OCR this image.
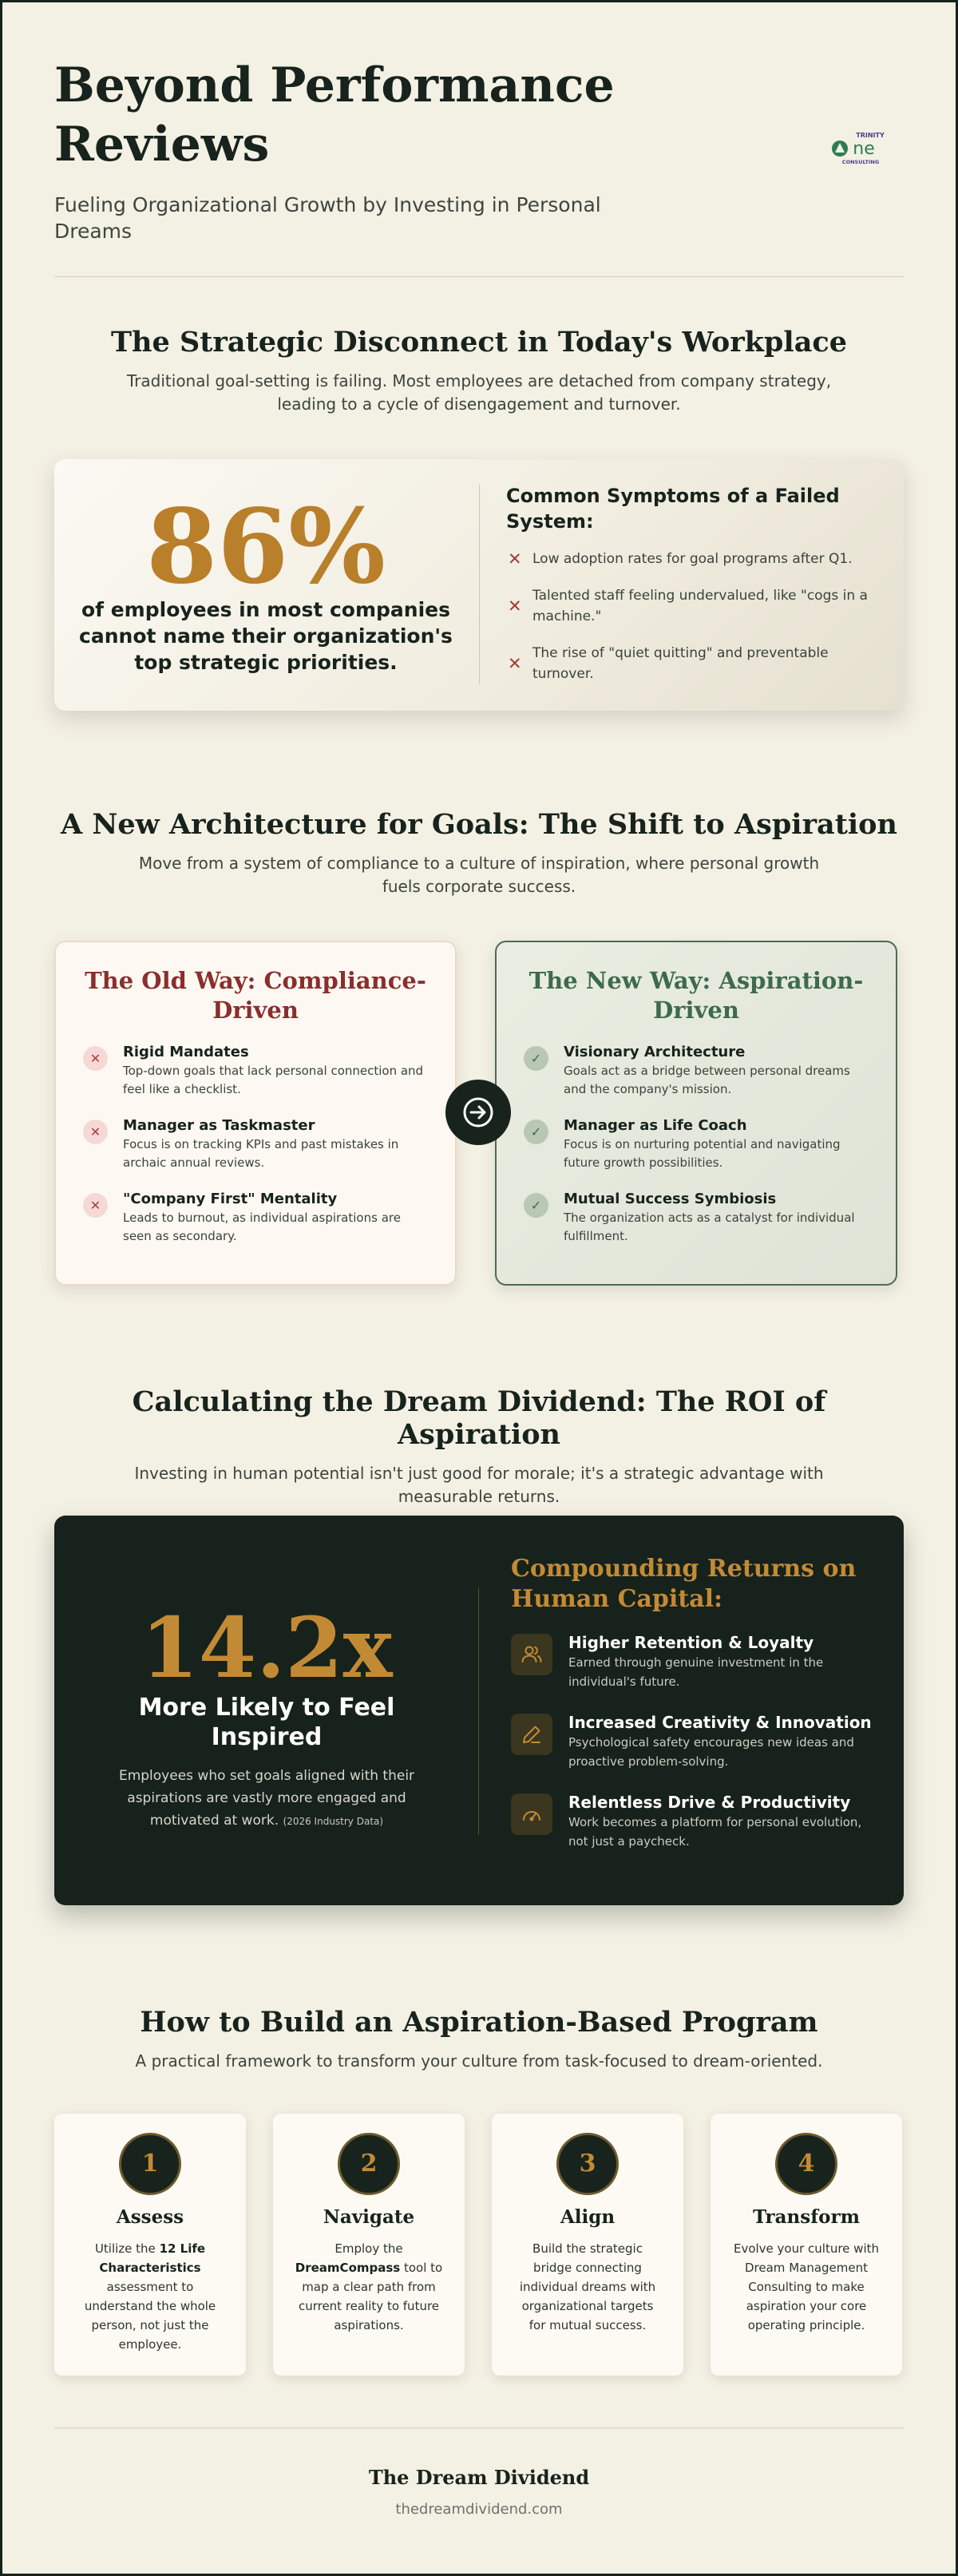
Beyond Performance Reviews

Fueling Organizational Growth by Investing in Personal Dreams

TRINITY
ne
CONSULTING
The Strategic Disconnect in Today's Workplace

Traditional goal-setting is failing. Most employees are detached from company strategy, leading to a cycle of disengagement and turnover.

86%
of employees in most companies cannot name their organization's top strategic priorities.
Common Symptoms of a Failed System:
✕ Low adoption rates for goal programs after Q1.
✕
Talented staff feeling undervalued, like "cogs in a machine."
✕
The rise of "quiet quitting" and preventable turnover.
A New Architecture for Goals: The Shift to Aspiration

Move from a system of compliance to a culture of inspiration, where personal growth fuels corporate success.

The Old Way: Compliance-Driven
✕	Rigid Mandates
Top-down goals that lack personal connection and feel like a checklist.
✕	Manager as Taskmaster
Focus is on tracking KPIs and past mistakes in archaic annual reviews.
✕	"Company First" Mentality
Leads to burnout, as individual aspirations are seen as secondary.
The New Way: Aspiration-Driven
✓	Visionary Architecture
Goals act as a bridge between personal dreams and the company's mission.
✓	Manager as Life Coach
Focus is on nurturing potential and navigating future growth possibilities.
✓	Mutual Success Symbiosis
The organization acts as a catalyst for individual fulfillment.
Calculating the Dream Dividend: The ROI of Aspiration

Investing in human potential isn't just good for morale; it's a strategic advantage with measurable returns.

14.2x
More Likely to Feel Inspired
Employees who set goals aligned with their aspirations are vastly more engaged and motivated at work. (2026 Industry Data)
Compounding Returns on Human Capital:
Higher Retention & Loyalty
Earned through genuine investment in the individual's future.
Increased Creativity & Innovation
Psychological safety encourages new ideas and proactive problem-solving.
Relentless Drive & Productivity
Work becomes a platform for personal evolution, not just a paycheck.
How to Build an Aspiration-Based Program

A practical framework to transform your culture from task-focused to dream-oriented.

1
Assess
Utilize the 12 Life Characteristics assessment to understand the whole person, not just the employee.
2
Navigate
Employ the DreamCompass tool to map a clear path from current reality to future aspirations.
3
Align
Build the strategic bridge connecting individual dreams with organizational targets for mutual success.
4
Transform
Evolve your culture with Dream Management Consulting to make aspiration your core operating principle.
The Dream Dividend
thedreamdividend.com
